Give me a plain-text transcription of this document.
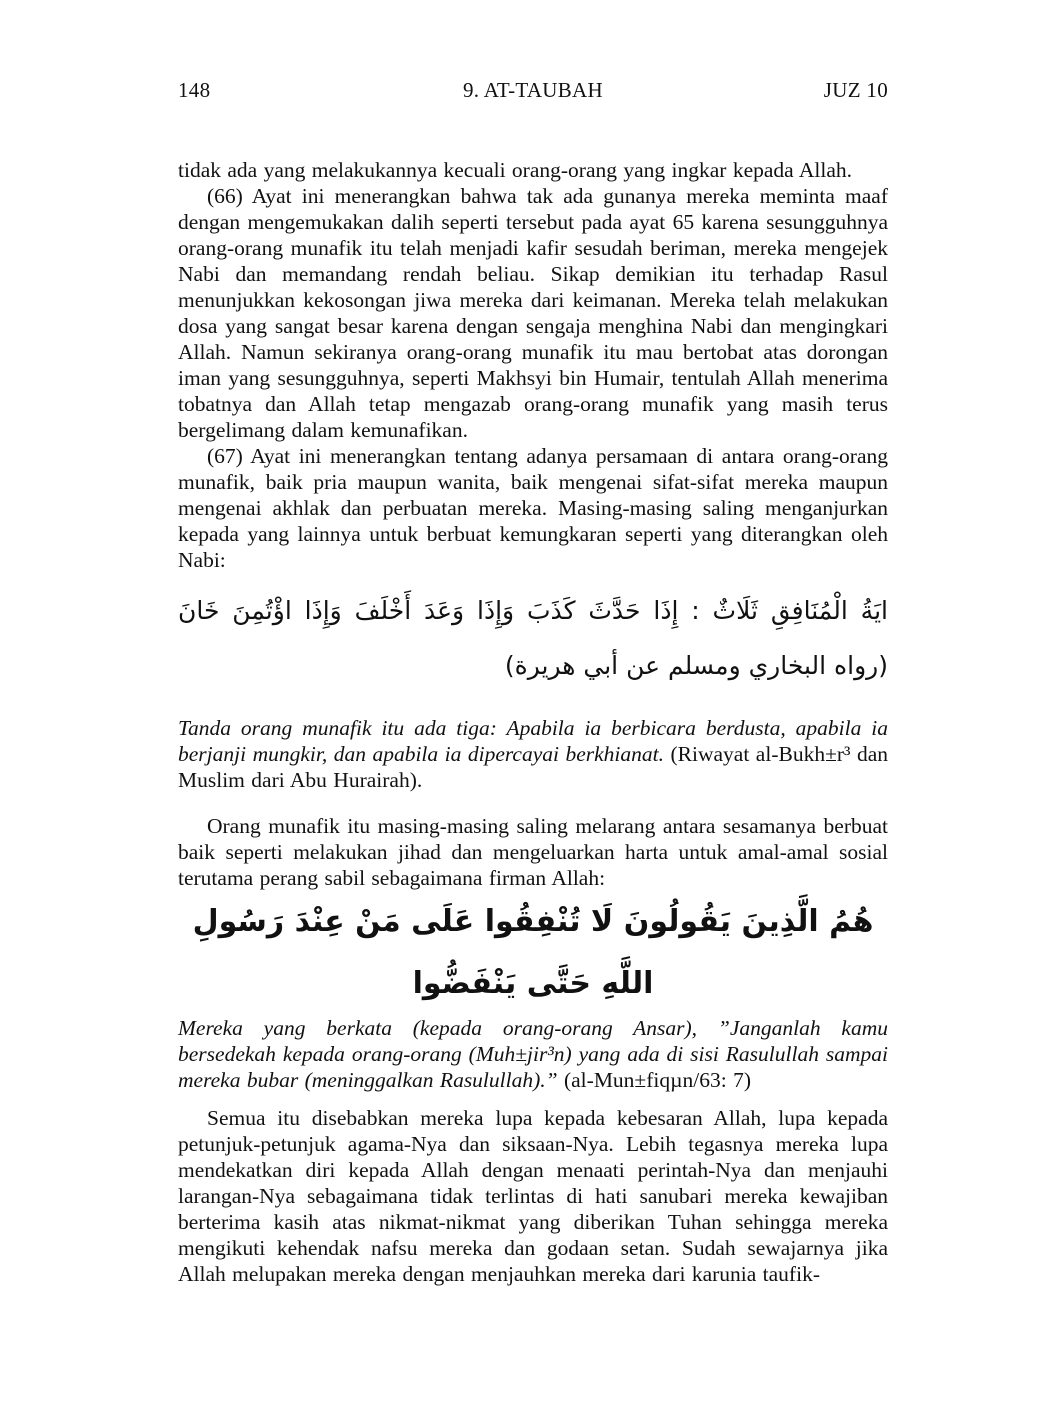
148	9. AT-TAUBAH	JUZ 10

tidak ada yang melakukannya kecuali orang-orang yang ingkar kepada Allah.

(66) Ayat ini menerangkan bahwa tak ada gunanya mereka meminta maaf dengan mengemukakan dalih seperti tersebut pada ayat 65 karena sesungguhnya orang-orang munafik itu telah menjadi kafir sesudah beriman, mereka mengejek Nabi dan memandang rendah beliau. Sikap demikian itu terhadap Rasul menunjukkan kekosongan jiwa mereka dari keimanan. Mereka telah melakukan dosa yang sangat besar karena dengan sengaja menghina Nabi dan mengingkari Allah. Namun sekiranya orang-orang munafik itu mau bertobat atas dorongan iman yang sesungguhnya, seperti Makhsyi bin Humair, tentulah Allah menerima tobatnya dan Allah tetap mengazab orang-orang munafik yang masih terus bergelimang dalam kemunafikan.

(67) Ayat ini menerangkan tentang adanya persamaan di antara orang-orang munafik, baik pria maupun wanita, baik mengenai sifat-sifat mereka maupun mengenai akhlak dan perbuatan mereka. Masing-masing saling menganjurkan kepada yang lainnya untuk berbuat kemungkaran seperti yang diterangkan oleh Nabi:

ايَةُ الْمُنَافِقِ ثَلَاثٌ : إِذَا حَدَّثَ كَذَبَ وَإِذَا وَعَدَ أَخْلَفَ وَإِذَا اؤْتُمِنَ خَانَ (رواه البخاري ومسلم عن أبي هريرة)

Tanda orang munafik itu ada tiga: Apabila ia berbicara berdusta, apabila ia berjanji mungkir, dan apabila ia dipercayai berkhianat. (Riwayat al-Bukh±r³ dan Muslim dari Abu Hurairah).

Orang munafik itu masing-masing saling melarang antara sesamanya berbuat baik seperti melakukan jihad dan mengeluarkan harta untuk amal-amal sosial terutama perang sabil sebagaimana firman Allah:

هُمُ الَّذِينَ يَقُولُونَ لَا تُنْفِقُوا عَلَى مَنْ عِنْدَ رَسُولِ اللَّهِ حَتَّى يَنْفَضُّوا

Mereka yang berkata (kepada orang-orang Ansar), ”Janganlah kamu bersedekah kepada orang-orang (Muh±jir³n) yang ada di sisi Rasulullah sampai mereka bubar (meninggalkan Rasulullah).” (al-Mun±fiqµn/63: 7)

Semua itu disebabkan mereka lupa kepada kebesaran Allah, lupa kepada petunjuk-petunjuk agama-Nya dan siksaan-Nya. Lebih tegasnya mereka lupa mendekatkan diri kepada Allah dengan menaati perintah-Nya dan menjauhi larangan-Nya sebagaimana tidak terlintas di hati sanubari mereka kewajiban berterima kasih atas nikmat-nikmat yang diberikan Tuhan sehingga mereka mengikuti kehendak nafsu mereka dan godaan setan. Sudah sewajarnya jika Allah melupakan mereka dengan menjauhkan mereka dari karunia taufik-
